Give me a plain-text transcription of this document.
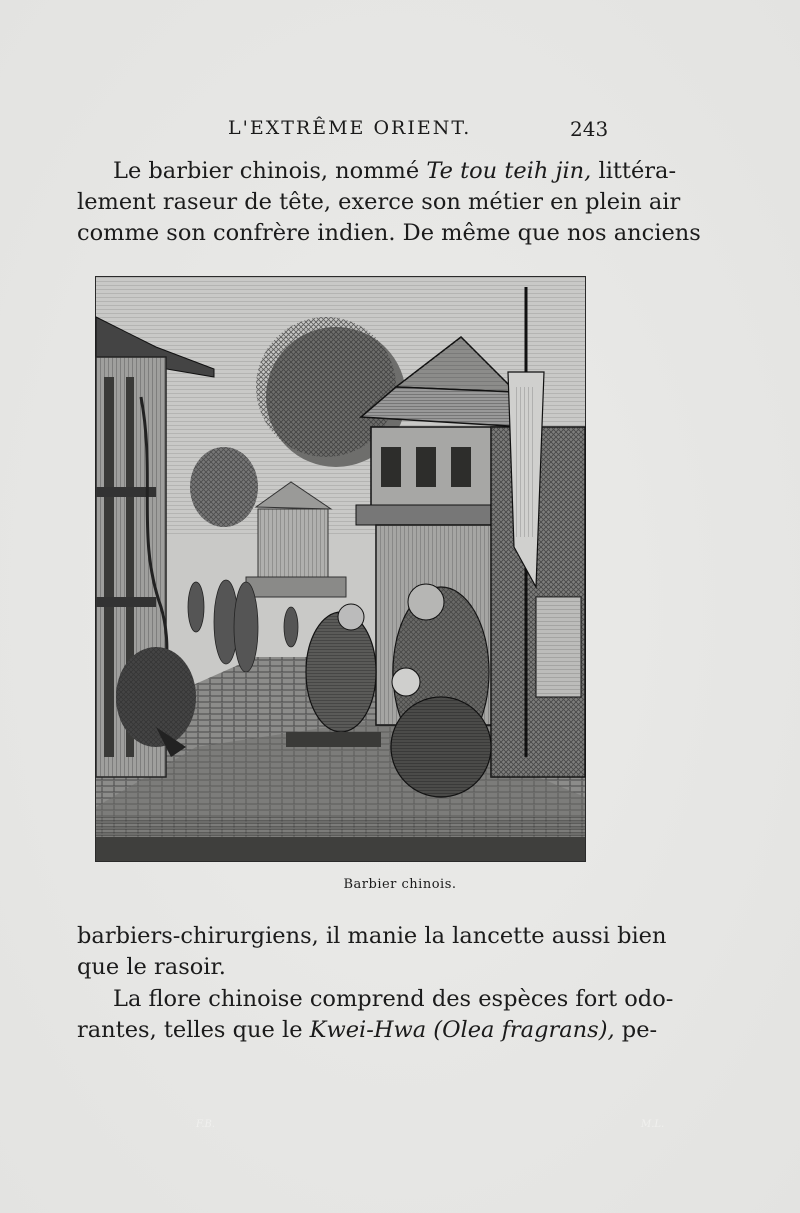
L'EXTRÊME ORIENT.	243
Le barbier chinois, nommé Te tou teih jin, littéra-
lement raseur de tête, exerce son métier en plein air
comme son confrère indien. De même que nos anciens
F.B.	M.L.
Barbier chinois.
barbiers-chirurgiens, il manie la lancette aussi bien
que le rasoir.
La flore chinoise comprend des espèces fort odo-
rantes, telles que le Kwei-Hwa (Olea fragrans), pe-
